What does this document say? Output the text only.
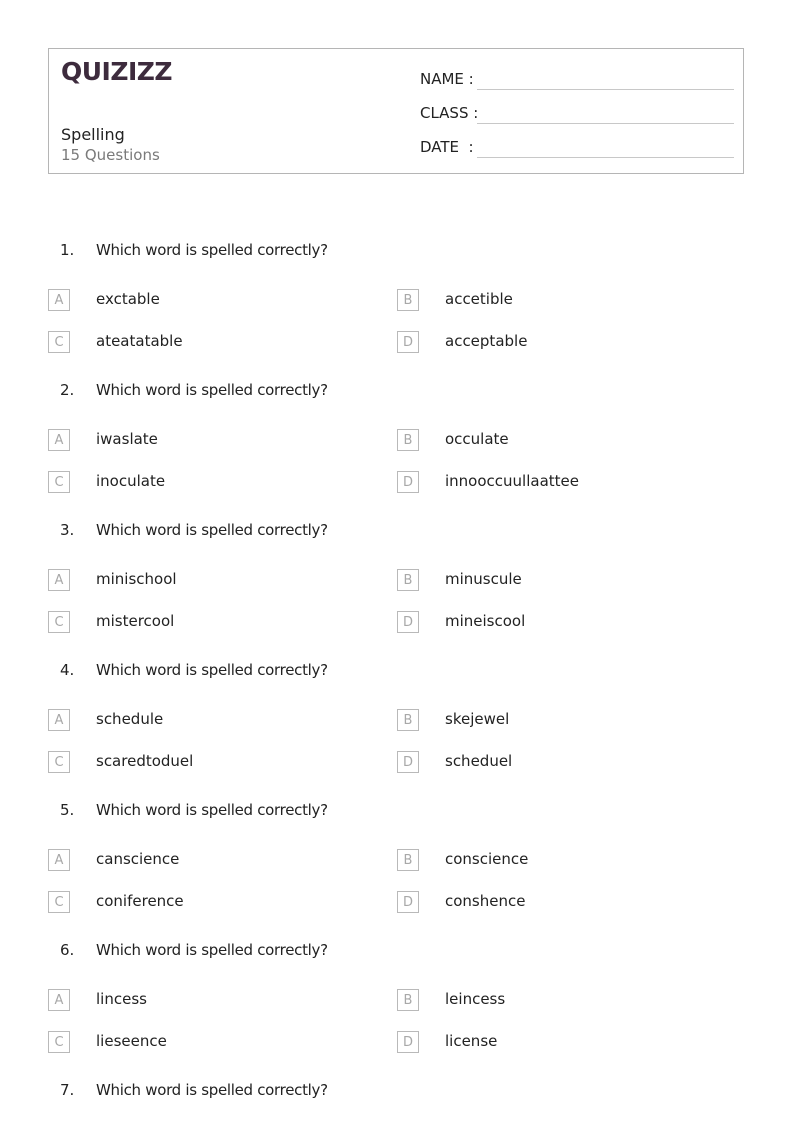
QUIZIZZ
Spelling
15 Questions
NAME :
CLASS :
DATE  :
1. Which word is spelled correctly?
A	exctable	B	accetible
C	ateatatable	D	acceptable
2. Which word is spelled correctly?
A	iwaslate	B	occulate
C	inoculate	D	innooccuullaattee
3. Which word is spelled correctly?
A	minischool	B	minuscule
C	mistercool	D	mineiscool
4. Which word is spelled correctly?
A	schedule	B	skejewel
C	scaredtoduel	D	scheduel
5. Which word is spelled correctly?
A	canscience	B	conscience
C	coniference	D	conshence
6. Which word is spelled correctly?
A	lincess	B	leincess
C	lieseence	D	license
7. Which word is spelled correctly?
